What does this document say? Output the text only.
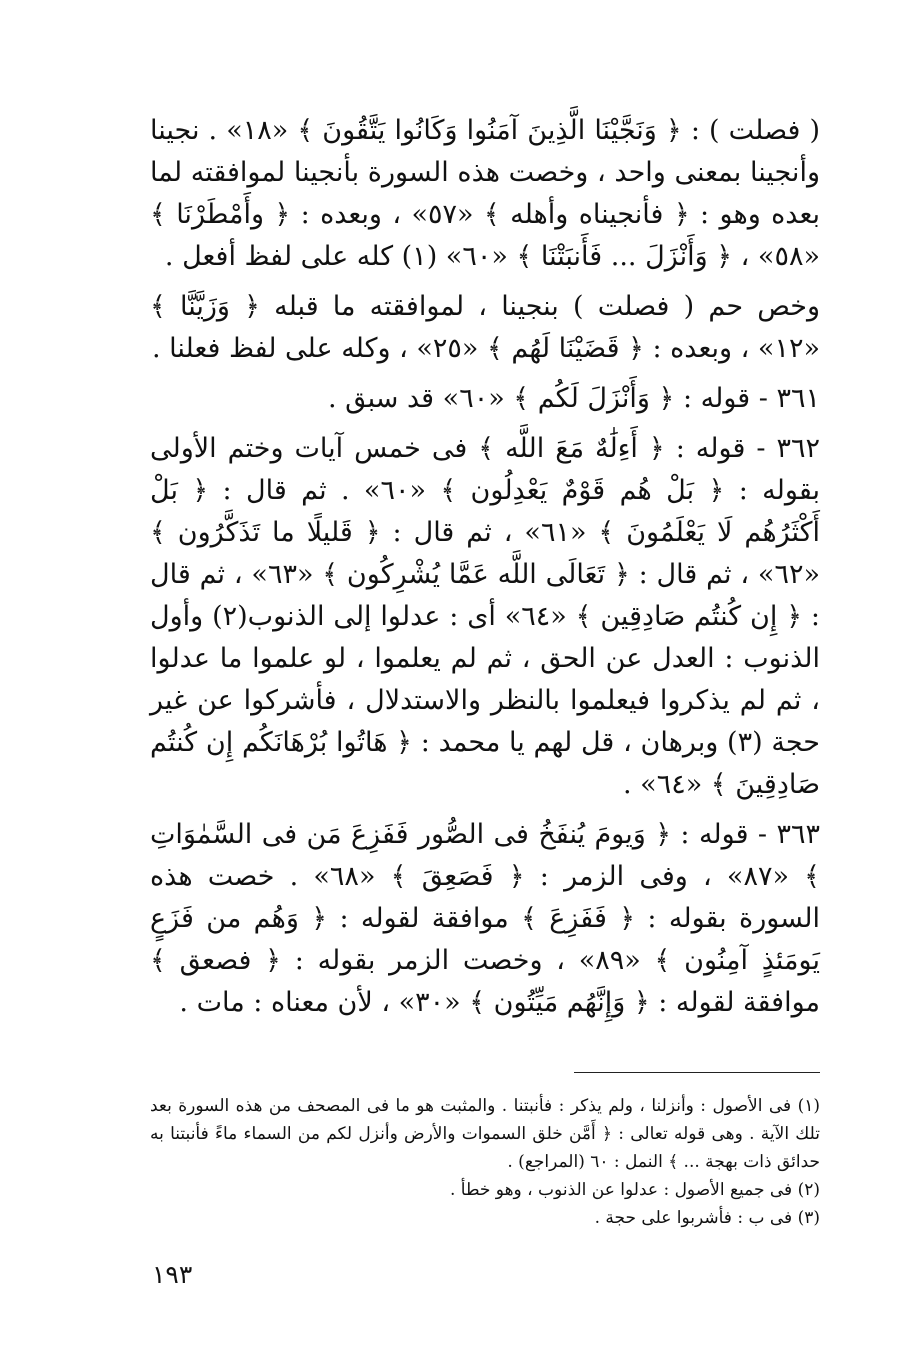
( فصلت ) : ﴿ وَنَجَّيْنَا الَّذِينَ آمَنُوا وَكَانُوا يَتَّقُونَ ﴾ «١٨» . نجينا وأنجينا بمعنى واحد ، وخصت هذه السورة بأنجينا لموافقته لما بعده وهو : ﴿ فأنجيناه وأهله ﴾ «٥٧» ، وبعده : ﴿ وأَمْطَرْنَا ﴾ «٥٨» ، ﴿ وَأَنْزَلَ ... فَأَنبَتْنَا ﴾ «٦٠» (١) كله على لفظ أفعل .

وخص حم ( فصلت ) بنجينا ، لموافقته ما قبله ﴿ وَزَيَّنَّا ﴾ «١٢» ، وبعده : ﴿ قَضَيْنَا لَهُم ﴾ «٢٥» ، وكله على لفظ فعلنا .

٣٦١ - قوله : ﴿ وَأَنْزَلَ لَكُم ﴾ «٦٠» قد سبق .

٣٦٢ - قوله : ﴿ أَءِلَٰهٌ مَعَ اللَّه ﴾ فى خمس آيات وختم الأولى بقوله : ﴿ بَلْ هُم قَوْمٌ يَعْدِلُون ﴾ «٦٠» . ثم قال : ﴿ بَلْ أَكْثَرُهُم لَا يَعْلَمُونَ ﴾ «٦١» ، ثم قال : ﴿ قَليلًا ما تَذَكَّرُون ﴾ «٦٢» ، ثم قال : ﴿ تَعَالَى اللَّه عَمَّا يُشْرِكُون ﴾ «٦٣» ، ثم قال : ﴿ إِن كُنتُم صَادِقِين ﴾ «٦٤» أى : عدلوا إلى الذنوب(٢) وأول الذنوب : العدل عن الحق ، ثم لم يعلموا ، لو علموا ما عدلوا ، ثم لم يذكروا فيعلموا بالنظر والاستدلال ، فأشركوا عن غير حجة (٣) وبرهان ، قل لهم يا محمد : ﴿ هَاتُوا بُرْهَانَكُم إِن كُنتُم صَادِقِينَ ﴾ «٦٤» .

٣٦٣ - قوله : ﴿ وَيومَ يُنفَخُ فى الصُّور فَفَزِعَ مَن فى السَّمٰوَاتِ ﴾ «٨٧» ، وفى الزمر : ﴿ فَصَعِقَ ﴾ «٦٨» . خصت هذه السورة بقوله : ﴿ فَفَزِعَ ﴾ موافقة لقوله : ﴿ وَهُم من فَزَعٍ يَومَئذٍ آمِنُون ﴾ «٨٩» ، وخصت الزمر بقوله : ﴿ فصعق ﴾ موافقة لقوله : ﴿ وَإِنَّهُم مَيِّتُون ﴾ «٣٠» ، لأن معناه : مات .

(١) فى الأصول : وأنزلنا ، ولم يذكر : فأنبتنا . والمثبت هو ما فى المصحف من هذه السورة بعد تلك الآية . وهى قوله تعالى : ﴿ أَمَّن خلق السموات والأرض وأنزل لكم من السماء ماءً فأنبتنا به حدائق ذات بهجة ... ﴾ النمل : ٦٠ (المراجع) .

(٢) فى جميع الأصول : عدلوا عن الذنوب ، وهو خطأ .

(٣) فى ب : فأشربوا على حجة .

١٩٣
